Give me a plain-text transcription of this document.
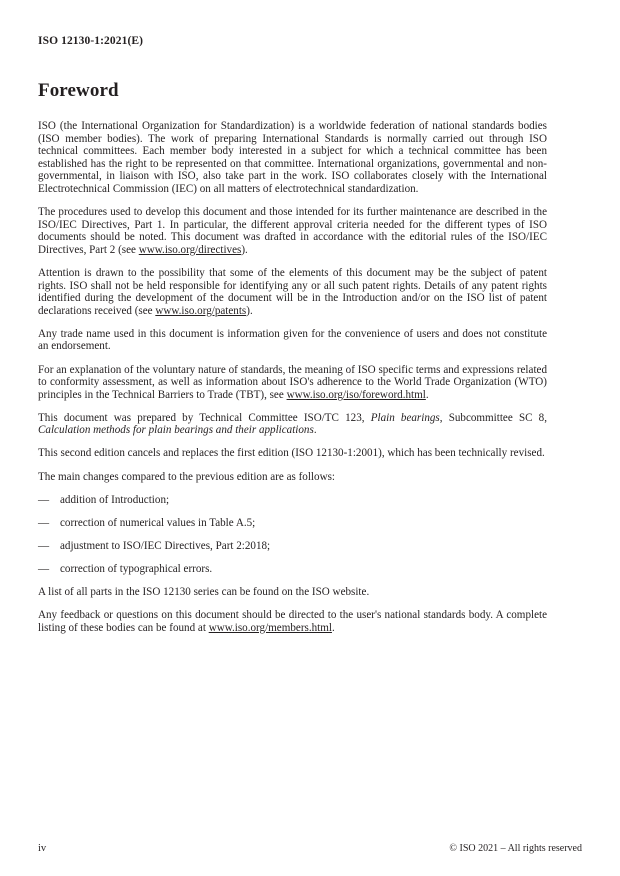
ISO 12130-1:2021(E)
Foreword

ISO (the International Organization for Standardization) is a worldwide federation of national standards bodies (ISO member bodies). The work of preparing International Standards is normally carried out through ISO technical committees. Each member body interested in a subject for which a technical committee has been established has the right to be represented on that committee. International organizations, governmental and non-governmental, in liaison with ISO, also take part in the work. ISO collaborates closely with the International Electrotechnical Commission (IEC) on all matters of electrotechnical standardization.

The procedures used to develop this document and those intended for its further maintenance are described in the ISO/IEC Directives, Part 1. In particular, the different approval criteria needed for the different types of ISO documents should be noted. This document was drafted in accordance with the editorial rules of the ISO/IEC Directives, Part 2 (see www.iso.org/directives).

Attention is drawn to the possibility that some of the elements of this document may be the subject of patent rights. ISO shall not be held responsible for identifying any or all such patent rights. Details of any patent rights identified during the development of the document will be in the Introduction and/or on the ISO list of patent declarations received (see www.iso.org/patents).

Any trade name used in this document is information given for the convenience of users and does not constitute an endorsement.

For an explanation of the voluntary nature of standards, the meaning of ISO specific terms and expressions related to conformity assessment, as well as information about ISO's adherence to the World Trade Organization (WTO) principles in the Technical Barriers to Trade (TBT), see www.iso.org/iso/foreword.html.

This document was prepared by Technical Committee ISO/TC 123, Plain bearings, Subcommittee SC 8, Calculation methods for plain bearings and their applications.

This second edition cancels and replaces the first edition (ISO 12130-1:2001), which has been technically revised.

The main changes compared to the previous edition are as follows:

— addition of Introduction;
— correction of numerical values in Table A.5;
— adjustment to ISO/IEC Directives, Part 2:2018;
— correction of typographical errors.

A list of all parts in the ISO 12130 series can be found on the ISO website.

Any feedback or questions on this document should be directed to the user's national standards body. A complete listing of these bodies can be found at www.iso.org/members.html.

iv	© ISO 2021 – All rights reserved
